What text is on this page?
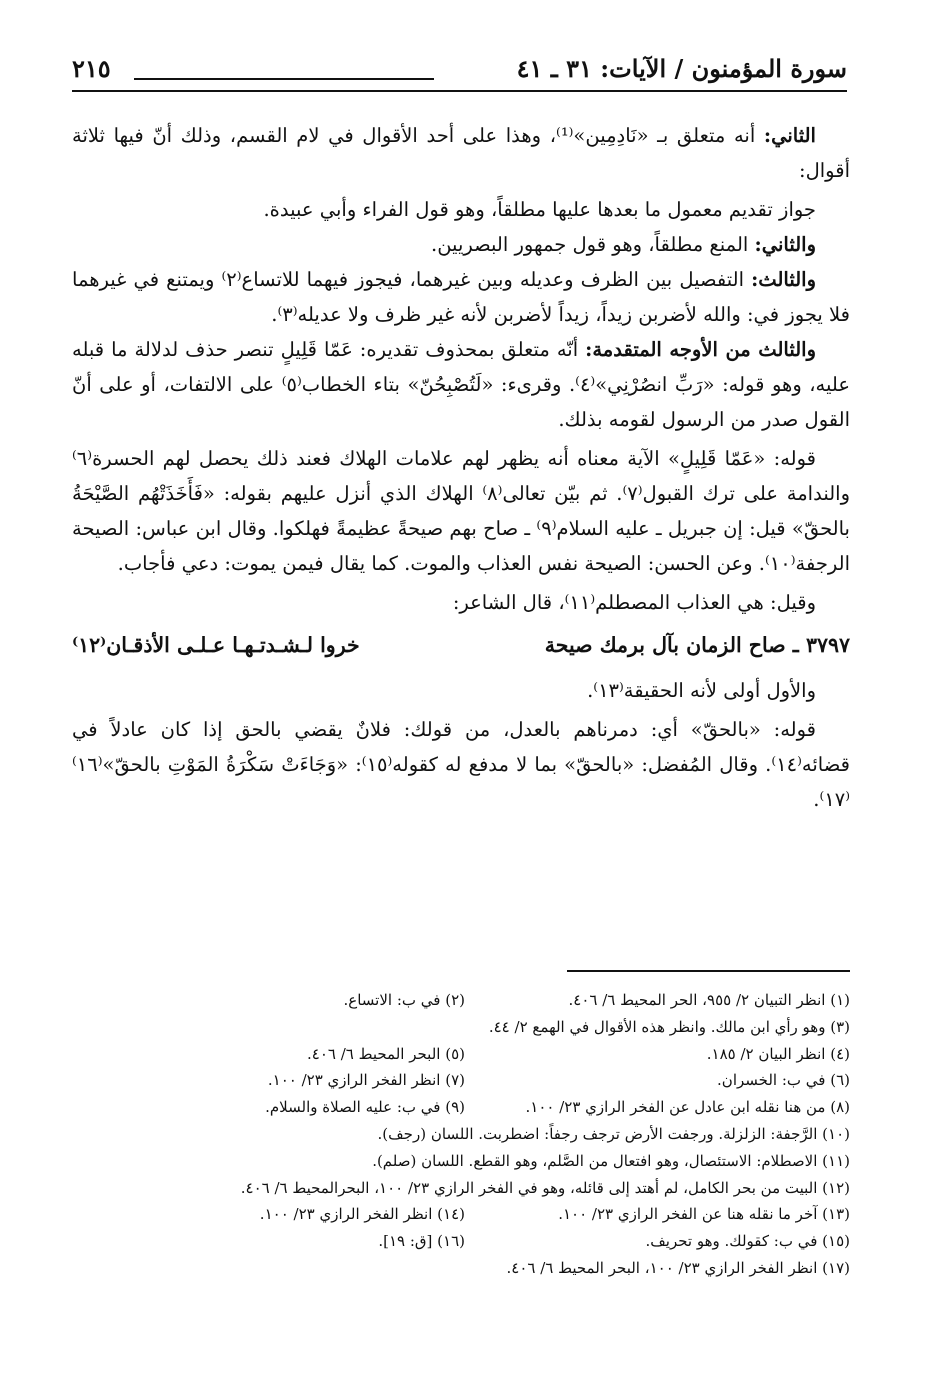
سورة المؤمنون / الآيات: ٣١ ـ ٤١
٢١٥

الثاني: أنه متعلق بـ «نَادِمِين»⁽¹⁾، وهذا على أحد الأقوال في لام القسم، وذلك أنّ فيها ثلاثة أقوال:

جواز تقديم معمول ما بعدها عليها مطلقاً، وهو قول الفراء وأبي عبيدة.

والثاني: المنع مطلقاً، وهو قول جمهور البصريين.

والثالث: التفصيل بين الظرف وعديله وبين غيرهما، فيجوز فيهما للاتساع⁽٢⁾ ويمتنع في غيرهما فلا يجوز في: والله لأضربن زيداً، زيداً لأضربن لأنه غير ظرف ولا عديله⁽٣⁾.

والثالث من الأوجه المتقدمة: أنّه متعلق بمحذوف تقديره: عَمّا قَلِيلٍ تنصر حذف لدلالة ما قبله عليه، وهو قوله: «رَبِّ انصُرْنِي»⁽٤⁾. وقرىء: «لَتُصْبِحُنّ» بتاء الخطاب⁽٥⁾ على الالتفات، أو على أنّ القول صدر من الرسول لقومه بذلك.

قوله: «عَمّا قَلِيلٍ» الآية معناه أنه يظهر لهم علامات الهلاك فعند ذلك يحصل لهم الحسرة⁽٦⁾ والندامة على ترك القبول⁽٧⁾. ثم بيّن تعالى⁽٨⁾ الهلاك الذي أنزل عليهم بقوله: «فَأَخَذَتْهُم الصَّيْحَةُ بالحقّ» قيل: إن جبريل ـ عليه السلام⁽٩⁾ ـ صاح بهم صيحةً عظيمةً فهلكوا. وقال ابن عباس: الصيحة الرجفة⁽١٠⁾. وعن الحسن: الصيحة نفس العذاب والموت. كما يقال فيمن يموت: دعي فأجاب.

وقيل: هي العذاب المصطلم⁽١١⁾، قال الشاعر:

٣٧٩٧ ـ صاح الزمان بآل برمك صيحة
خروا لـشـدتـهـا عـلـى الأذقـان⁽١٢⁾

والأول أولى لأنه الحقيقة⁽١٣⁾.

قوله: «بالحقّ» أي: دمرناهم بالعدل، من قولك: فلانٌ يقضي بالحق إذا كان عادلاً في قضائه⁽١٤⁾. وقال المُفضل: «بالحقّ» بما لا مدفع له كقوله⁽١٥⁾: «وَجَاءَتْ سَكْرَةُ المَوْتِ بالحقّ»⁽١٦⁾⁽١٧⁾.

(١) انظر التبيان ٢/ ٩٥٥، الحر المحيط ٦/ ٤٠٦.
(٢) في ب: الاتساع.
(٣) وهو رأي ابن مالك. وانظر هذه الأقوال في الهمع ٢/ ٤٤.
(٤) انظر البيان ٢/ ١٨٥.
(٥) البحر المحيط ٦/ ٤٠٦.
(٦) في ب: الخسران.
(٧) انظر الفخر الرازي ٢٣/ ١٠٠.
(٨) من هنا نقله ابن عادل عن الفخر الرازي ٢٣/ ١٠٠.
(٩) في ب: عليه الصلاة والسلام.
(١٠) الرَّجفة: الزلزلة. ورجفت الأرض ترجف رجفاً: اضطربت. اللسان (رجف).
(١١) الاصطلام: الاستئصال، وهو افتعال من الصَّلم، وهو القطع. اللسان (صلم).
(١٢) البيت من بحر الكامل، لم أهتد إلى قائله، وهو في الفخر الرازي ٢٣/ ١٠٠، البحرالمحيط ٦/ ٤٠٦.
(١٣) آخر ما نقله هنا عن الفخر الرازي ٢٣/ ١٠٠.
(١٤) انظر الفخر الرازي ٢٣/ ١٠٠.
(١٥) في ب: كقولك. وهو تحريف.
(١٦) [ق: ١٩].
(١٧) انظر الفخر الرازي ٢٣/ ١٠٠، البحر المحيط ٦/ ٤٠٦.
